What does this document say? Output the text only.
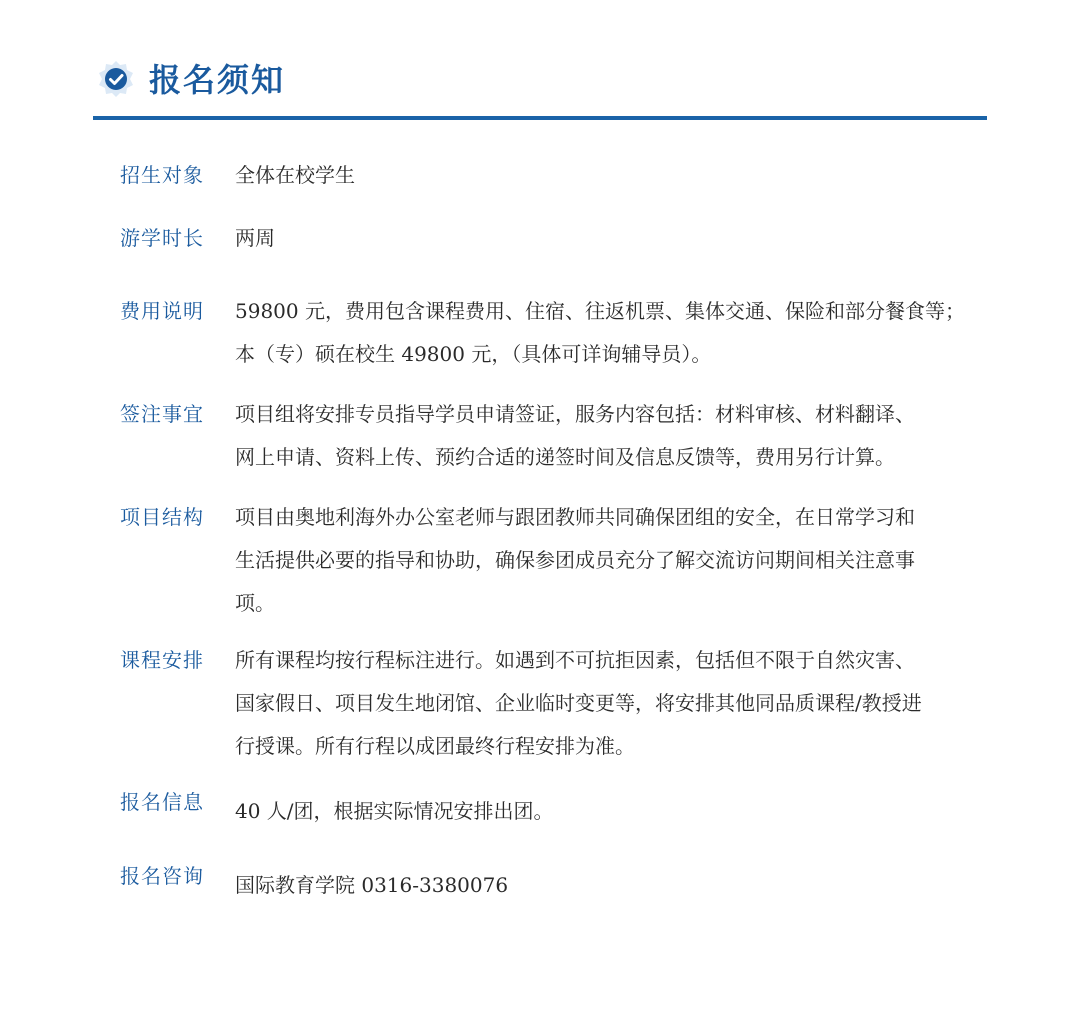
报名须知
招生对象	全体在校学生
游学时长	两周
费用说明	59800 元，费用包含课程费用、住宿、往返机票、集体交通、保险和部分餐食等；
本（专）硕在校生 49800 元，（具体可详询辅导员）。
签注事宜	项目组将安排专员指导学员申请签证，服务内容包括：材料审核、材料翻译、
网上申请、资料上传、预约合适的递签时间及信息反馈等，费用另行计算。
项目结构	项目由奥地利海外办公室老师与跟团教师共同确保团组的安全，在日常学习和
生活提供必要的指导和协助，确保参团成员充分了解交流访问期间相关注意事
项。
课程安排	所有课程均按行程标注进行。如遇到不可抗拒因素，包括但不限于自然灾害、
国家假日、项目发生地闭馆、企业临时变更等，将安排其他同品质课程/教授进
行授课。所有行程以成团最终行程安排为准。
报名信息	40 人/团，根据实际情况安排出团。
报名咨询	国际教育学院 0316-3380076
